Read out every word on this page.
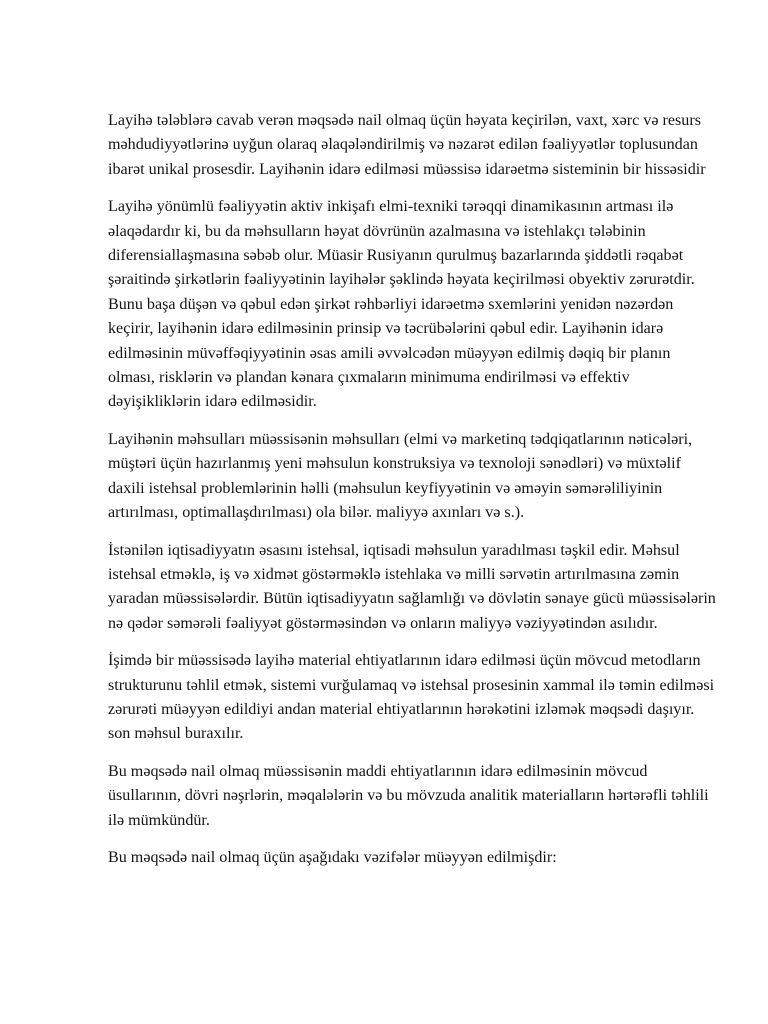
Layihə tələblərə cavab verən məqsədə nail olmaq üçün həyata keçirilən, vaxt, xərc və resurs məhdudiyyətlərinə uyğun olaraq əlaqələndirilmiş və nəzarət edilən fəaliyyətlər toplusundan ibarət unikal prosesdir. Layihənin idarə edilməsi müəssisə idarəetmə sisteminin bir hissəsidir

Layihə yönümlü fəaliyyətin aktiv inkişafı elmi-texniki tərəqqi dinamikasının artması ilə əlaqədardır ki, bu da məhsulların həyat dövrünün azalmasına və istehlakçı tələbinin diferensiallaşmasına səbəb olur. Müasir Rusiyanın qurulmuş bazarlarında şiddətli rəqabət şəraitində şirkətlərin fəaliyyətinin layihələr şəklində həyata keçirilməsi obyektiv zərurətdir. Bunu başa düşən və qəbul edən şirkət rəhbərliyi idarəetmə sxemlərini yenidən nəzərdən keçirir, layihənin idarə edilməsinin prinsip və təcrübələrini qəbul edir. Layihənin idarə edilməsinin müvəffəqiyyətinin əsas amili əvvəlcədən müəyyən edilmiş dəqiq bir planın olması, risklərin və plandan kənara çıxmaların minimuma endirilməsi və effektiv dəyişikliklərin idarə edilməsidir.

Layihənin məhsulları müəssisənin məhsulları (elmi və marketinq tədqiqatlarının nəticələri, müştəri üçün hazırlanmış yeni məhsulun konstruksiya və texnoloji sənədləri) və müxtəlif daxili istehsal problemlərinin həlli (məhsulun keyfiyyətinin və əməyin səmərəliliyinin artırılması, optimallaşdırılması) ola bilər. maliyyə axınları və s.).

İstənilən iqtisadiyyatın əsasını istehsal, iqtisadi məhsulun yaradılması təşkil edir. Məhsul istehsal etməklə, iş və xidmət göstərməklə istehlaka və milli sərvətin artırılmasına zəmin yaradan müəssisələrdir. Bütün iqtisadiyyatın sağlamlığı və dövlətin sənaye gücü müəssisələrin nə qədər səmərəli fəaliyyət göstərməsindən və onların maliyyə vəziyyətindən asılıdır.

İşimdə bir müəssisədə layihə material ehtiyatlarının idarə edilməsi üçün mövcud metodların strukturunu təhlil etmək, sistemi vurğulamaq və istehsal prosesinin xammal ilə təmin edilməsi zərurəti müəyyən edildiyi andan material ehtiyatlarının hərəkətini izləmək məqsədi daşıyır. son məhsul buraxılır.

Bu məqsədə nail olmaq müəssisənin maddi ehtiyatlarının idarə edilməsinin mövcud üsullarının, dövri nəşrlərin, məqalələrin və bu mövzuda analitik materialların hərtərəfli təhlili ilə mümkündür.

Bu məqsədə nail olmaq üçün aşağıdakı vəzifələr müəyyən edilmişdir:
